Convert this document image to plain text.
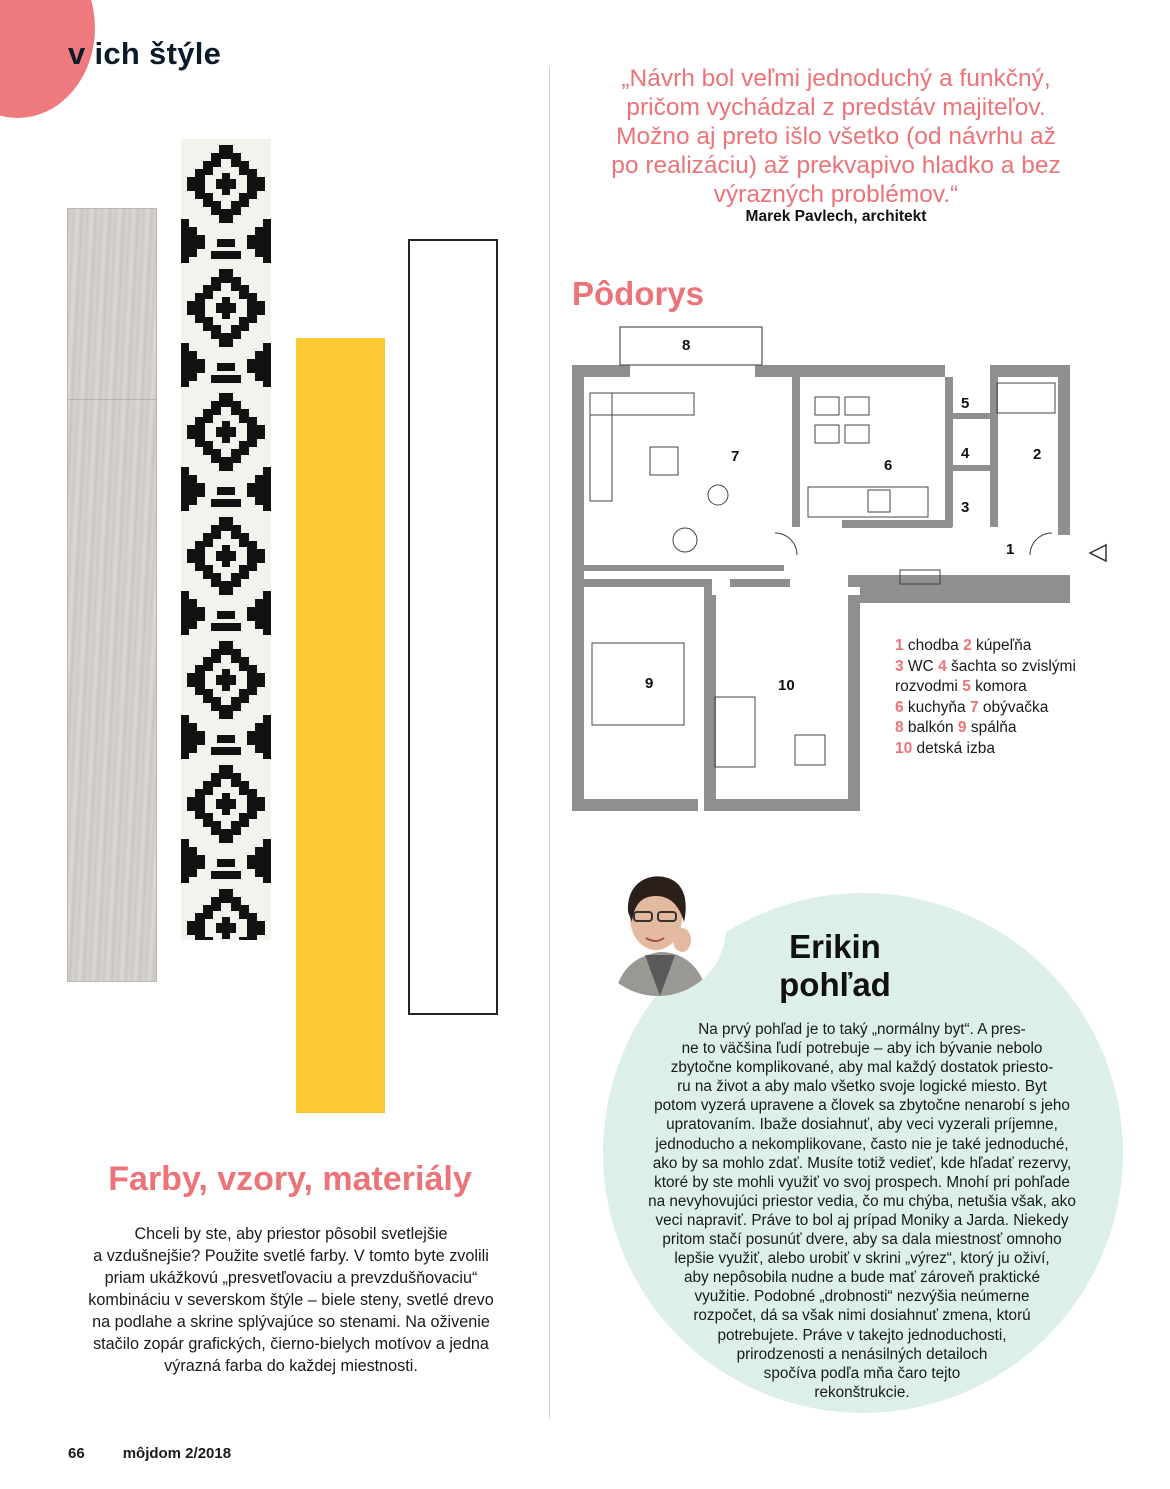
v ich štýle
„Návrh bol veľmi jednoduchý a funkčný,
pričom vychádzal z predstáv majiteľov.
Možno aj preto išlo všetko (od návrhu až
po realizáciu) až prekvapivo hladko a bez
výrazných problémov.“
Marek Pavlech, architekt
Pôdorys
8
7
6
5
4
3
2
1
9	10
1 chodba 2 kúpeľňa
3 WC 4 šachta so zvislými
rozvodmi 5 komora
6 kuchyňa 7 obývačka
8 balkón 9 spálňa
10 detská izba
Erikin
pohľad
Na prvý pohľad je to taký „normálny byt“. A pres-
ne to väčšina ľudí potrebuje – aby ich bývanie nebolo
zbytočne komplikované, aby mal každý dostatok priesto-
ru na život a aby malo všetko svoje logické miesto. Byt
potom vyzerá upravene a človek sa zbytočne nenarobí s jeho
upratovaním. Ibaže dosiahnuť, aby veci vyzerali príjemne,
jednoducho a nekomplikovane, často nie je také jednoduché,
ako by sa mohlo zdať. Musíte totiž vedieť, kde hľadať rezervy,
ktoré by ste mohli využiť vo svoj prospech. Mnohí pri pohľade
na nevyhovujúci priestor vedia, čo mu chýba, netušia však, ako
veci napraviť. Práve to bol aj prípad Moniky a Jarda. Niekedy
pritom stačí posunúť dvere, aby sa dala miestnosť omnoho
lepšie využiť, alebo urobiť v skrini „výrez“, ktorý ju oživí,
aby nepôsobila nudne a bude mať zároveň praktické
využitie. Podobné „drobnosti“ nezvýšia neúmerne
rozpočet, dá sa však nimi dosiahnuť zmena, ktorú
potrebujete. Práve v takejto jednoduchosti,
prirodzenosti a nenásilných detailoch
spočíva podľa mňa čaro tejto
rekonštrukcie.
Farby, vzory, materiály
Chceli by ste, aby priestor pôsobil svetlejšie
a vzdušnejšie? Použite svetlé farby. V tomto byte zvolili
priam ukážkovú „presvetľovaciu a prevzdušňovaciu“
kombináciu v severskom štýle – biele steny, svetlé drevo
na podlahe a skrine splývajúce so stenami. Na oživenie
stačilo zopár grafických, čierno-bielych motívov a jedna
výrazná farba do každej miestnosti.
66	môjdom 2/2018
